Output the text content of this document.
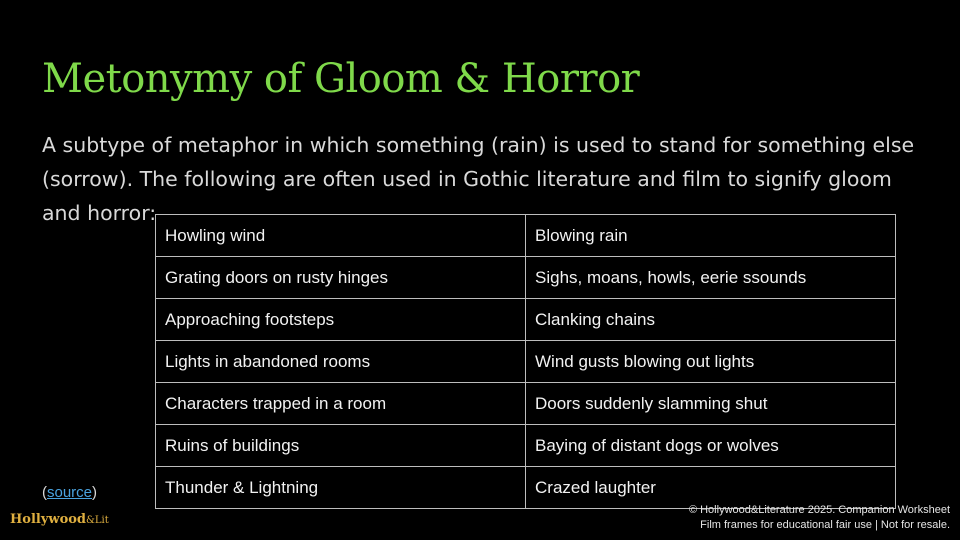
Metonymy of Gloom & Horror
A subtype of metaphor in which something (rain) is used to stand for something else (sorrow). The following are often used in Gothic literature and film to signify gloom and horror:
Howling wind	Blowing rain
Grating doors on rusty hinges	Sighs, moans, howls, eerie ssounds
Approaching footsteps	Clanking chains
Lights in abandoned rooms	Wind gusts blowing out lights
Characters trapped in a room	Doors suddenly slamming shut
Ruins of buildings	Baying of distant dogs or wolves
Thunder & Lightning	Crazed laughter
(source)
Hollywood&Lit
© Hollywood&Literature 2025. Companion Worksheet
Film frames for educational fair use | Not for resale.
